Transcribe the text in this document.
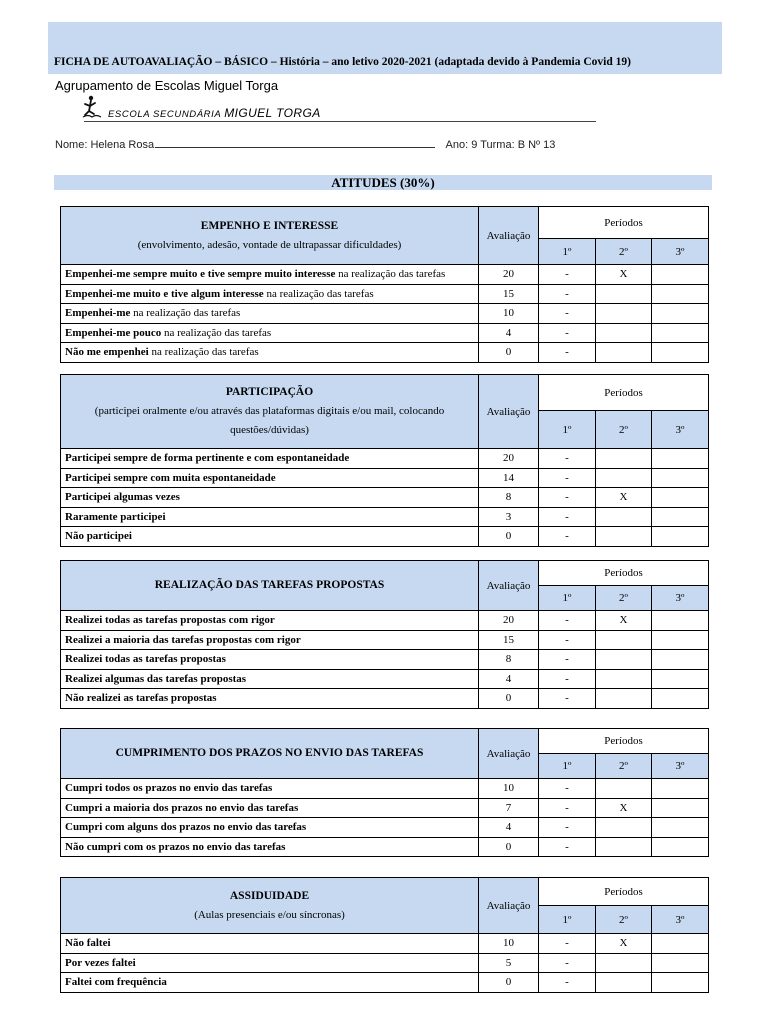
FICHA DE AUTOAVALIAÇÃO – BÁSICO – História – ano letivo 2020-2021 (adaptada devido à Pandemia Covid 19)
Agrupamento de Escolas Miguel Torga
ESCOLA SECUNDÁRIA MIGUEL TORGA
Nome: Helena Rosa	Ano: 9 Turma: B Nº 13
ATITUDES (30%)
EMPENHO E INTERESSE
(envolvimento, adesão, vontade de ultrapassar dificuldades)	Avaliação	Períodos		
		1º	2º	3º
Empenhei-me sempre muito e tive sempre muito interesse na realização das tarefas	20	-	X	
Empenhei-me muito e tive algum interesse na realização das tarefas	15	-		
Empenhei-me na realização das tarefas	10	-		
Empenhei-me pouco na realização das tarefas	4	-		
Não me empenhei na realização das tarefas	0	-		
PARTICIPAÇÃO
(participei oralmente e/ou através das plataformas digitais e/ou mail, colocando questões/dúvidas)	Avaliação	Períodos		
		1º	2º	3º
Participei sempre de forma pertinente e com espontaneidade	20	-		
Participei sempre com muita espontaneidade	14	-		
Participei algumas vezes	8	-	X	
Raramente participei	3	-		
Não participei	0	-		
REALIZAÇÃO DAS TAREFAS PROPOSTAS	Avaliação	Períodos		
		1º	2º	3º
Realizei todas as tarefas propostas com rigor	20	-	X	
Realizei a maioria das tarefas propostas com rigor	15	-		
Realizei todas as tarefas propostas	8	-		
Realizei algumas das tarefas propostas	4	-		
Não realizei as tarefas propostas	0	-		
CUMPRIMENTO DOS PRAZOS NO ENVIO DAS TAREFAS	Avaliação	Períodos		
		1º	2º	3º
Cumpri todos os prazos no envio das tarefas	10	-		
Cumpri a maioria dos prazos no envio das tarefas	7	-	X	
Cumpri com alguns dos prazos no envio das tarefas	4	-		
Não cumpri com os prazos no envio das tarefas	0	-		
ASSIDUIDADE
(Aulas presenciais e/ou síncronas)	Avaliação	Períodos		
		1º	2º	3º
Não faltei	10	-	X	
Por vezes faltei	5	-		
Faltei com frequência	0	-		
